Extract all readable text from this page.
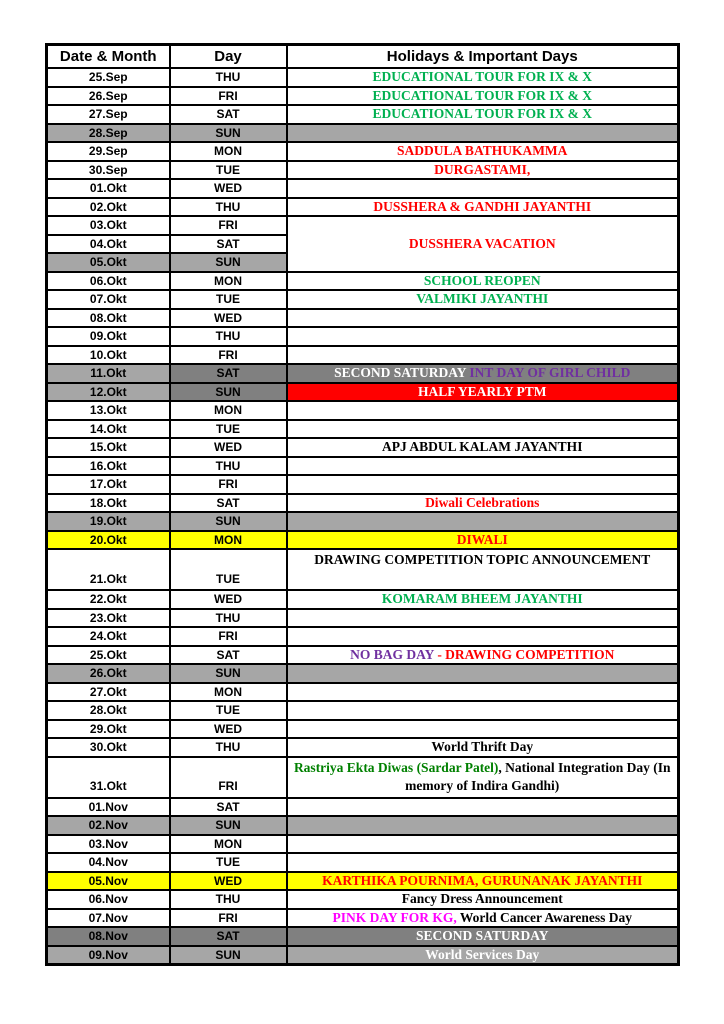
Date & Month	Day	Holidays & Important Days
25.Sep	THU	EDUCATIONAL TOUR FOR IX & X
26.Sep	FRI	EDUCATIONAL TOUR FOR IX & X
27.Sep	SAT	EDUCATIONAL TOUR FOR IX & X
28.Sep	SUN	
29.Sep	MON	SADDULA BATHUKAMMA
30.Sep	TUE	DURGASTAMI,
01.Okt	WED	
02.Okt	THU	DUSSHERA & GANDHI JAYANTHI
03.Okt	FRI	DUSSHERA VACATION
04.Okt	SAT	
05.Okt	SUN	
06.Okt	MON	SCHOOL REOPEN
07.Okt	TUE	VALMIKI JAYANTHI
08.Okt	WED	
09.Okt	THU	
10.Okt	FRI	
11.Okt	SAT	SECOND SATURDAY INT DAY OF GIRL CHILD
12.Okt	SUN	HALF YEARLY PTM
13.Okt	MON	
14.Okt	TUE	
15.Okt	WED	APJ ABDUL KALAM JAYANTHI
16.Okt	THU	
17.Okt	FRI	
18.Okt	SAT	Diwali Celebrations
19.Okt	SUN	
20.Okt	MON	DIWALI
21.Okt	TUE	DRAWING COMPETITION TOPIC ANNOUNCEMENT
22.Okt	WED	KOMARAM BHEEM JAYANTHI
23.Okt	THU	
24.Okt	FRI	
25.Okt	SAT	NO BAG DAY - DRAWING COMPETITION
26.Okt	SUN	
27.Okt	MON	
28.Okt	TUE	
29.Okt	WED	
30.Okt	THU	World Thrift Day
31.Okt	FRI	Rastriya Ekta Diwas (Sardar Patel), National Integration Day (In memory of Indira Gandhi)
01.Nov	SAT	
02.Nov	SUN	
03.Nov	MON	
04.Nov	TUE	
05.Nov	WED	KARTHIKA POURNIMA, GURUNANAK JAYANTHI
06.Nov	THU	Fancy Dress Announcement
07.Nov	FRI	PINK DAY FOR KG, World Cancer Awareness Day
08.Nov	SAT	SECOND SATURDAY
09.Nov	SUN	World Services Day
